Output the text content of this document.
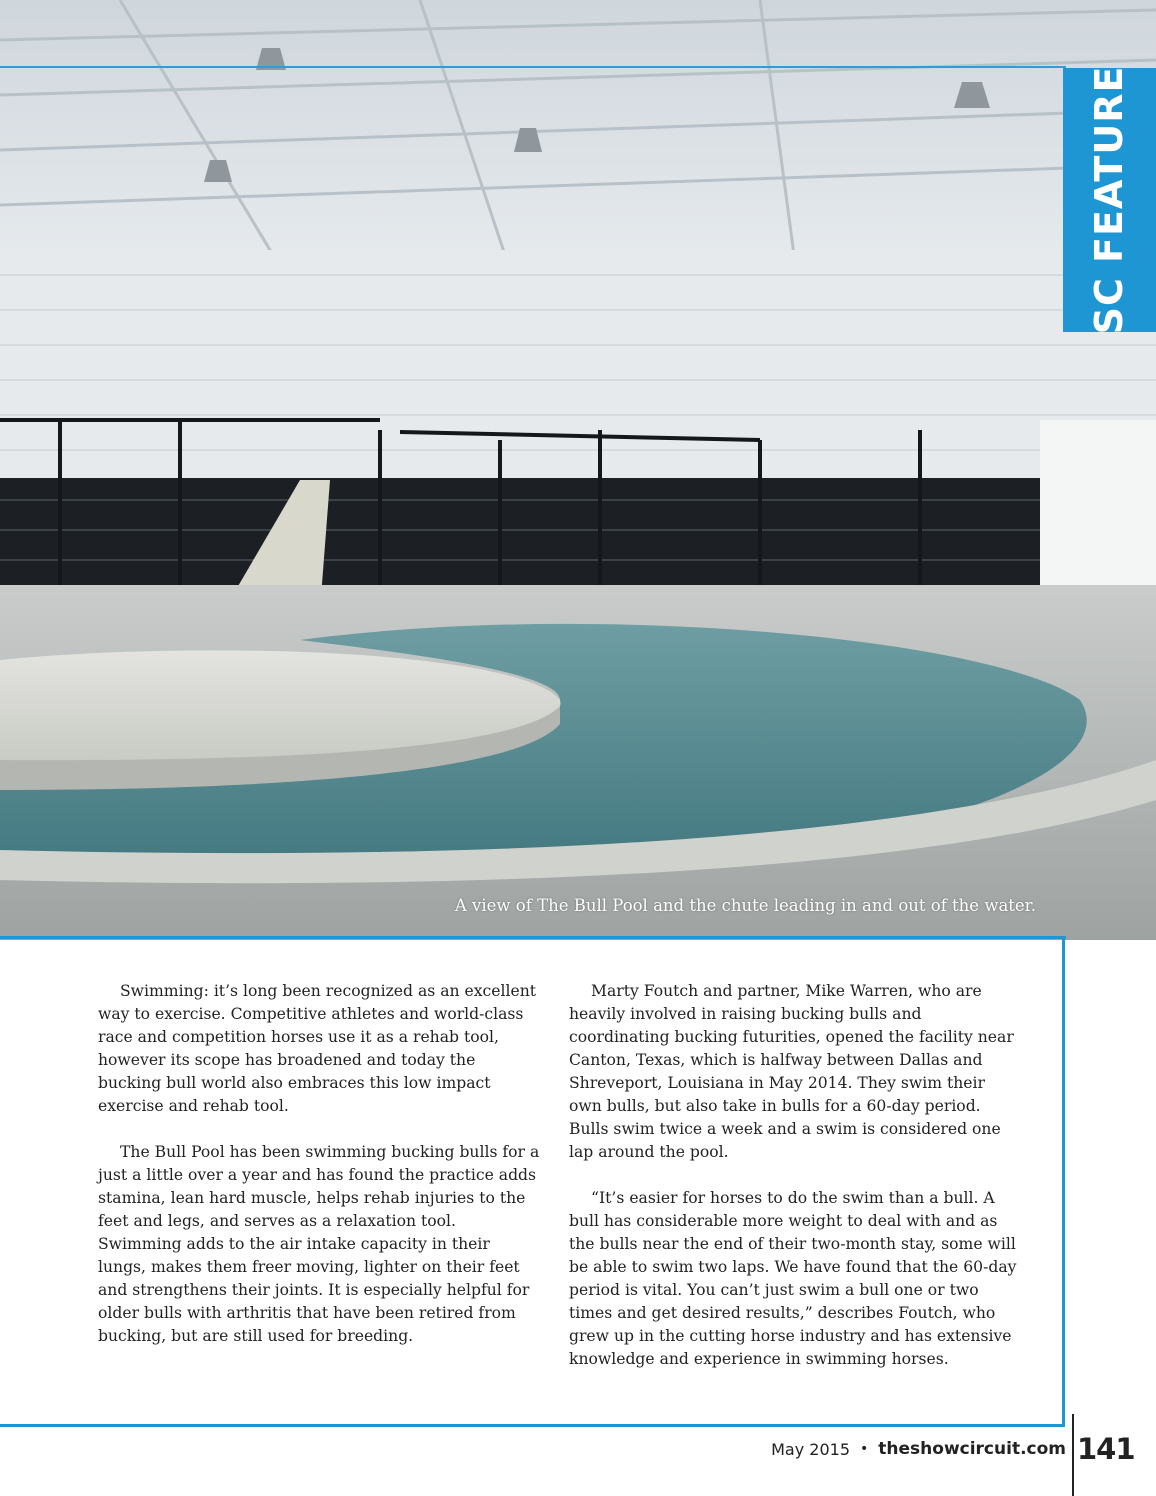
SC FEATURE
A view of The Bull Pool and the chute leading in and out of the water.

Swimming: it’s long been recognized as an excellent way to exercise. Competitive athletes and world-class race and competition horses use it as a rehab tool, however its scope has broadened and today the bucking bull world also embraces this low impact exercise and rehab tool.

The Bull Pool has been swimming bucking bulls for a just a little over a year and has found the practice adds stamina, lean hard muscle, helps rehab injuries to the feet and legs, and serves as a relaxation tool. Swimming adds to the air intake capacity in their lungs, makes them freer moving, lighter on their feet and strengthens their joints. It is especially helpful for older bulls with arthritis that have been retired from bucking, but are still used for breeding.

Marty Foutch and partner, Mike Warren, who are heavily involved in raising bucking bulls and coordinating bucking futurities, opened the facility near Canton, Texas, which is halfway between Dallas and Shreveport, Louisiana in May 2014. They swim their own bulls, but also take in bulls for a 60-day period. Bulls swim twice a week and a swim is considered one lap around the pool.

“It’s easier for horses to do the swim than a bull. A bull has considerable more weight to deal with and as the bulls near the end of their two-month stay, some will be able to swim two laps. We have found that the 60-day period is vital. You can’t just swim a bull one or two times and get desired results,” describes Foutch, who grew up in the cutting horse industry and has extensive knowledge and experience in swimming horses.

May 2015 • theshowcircuit.com 141
